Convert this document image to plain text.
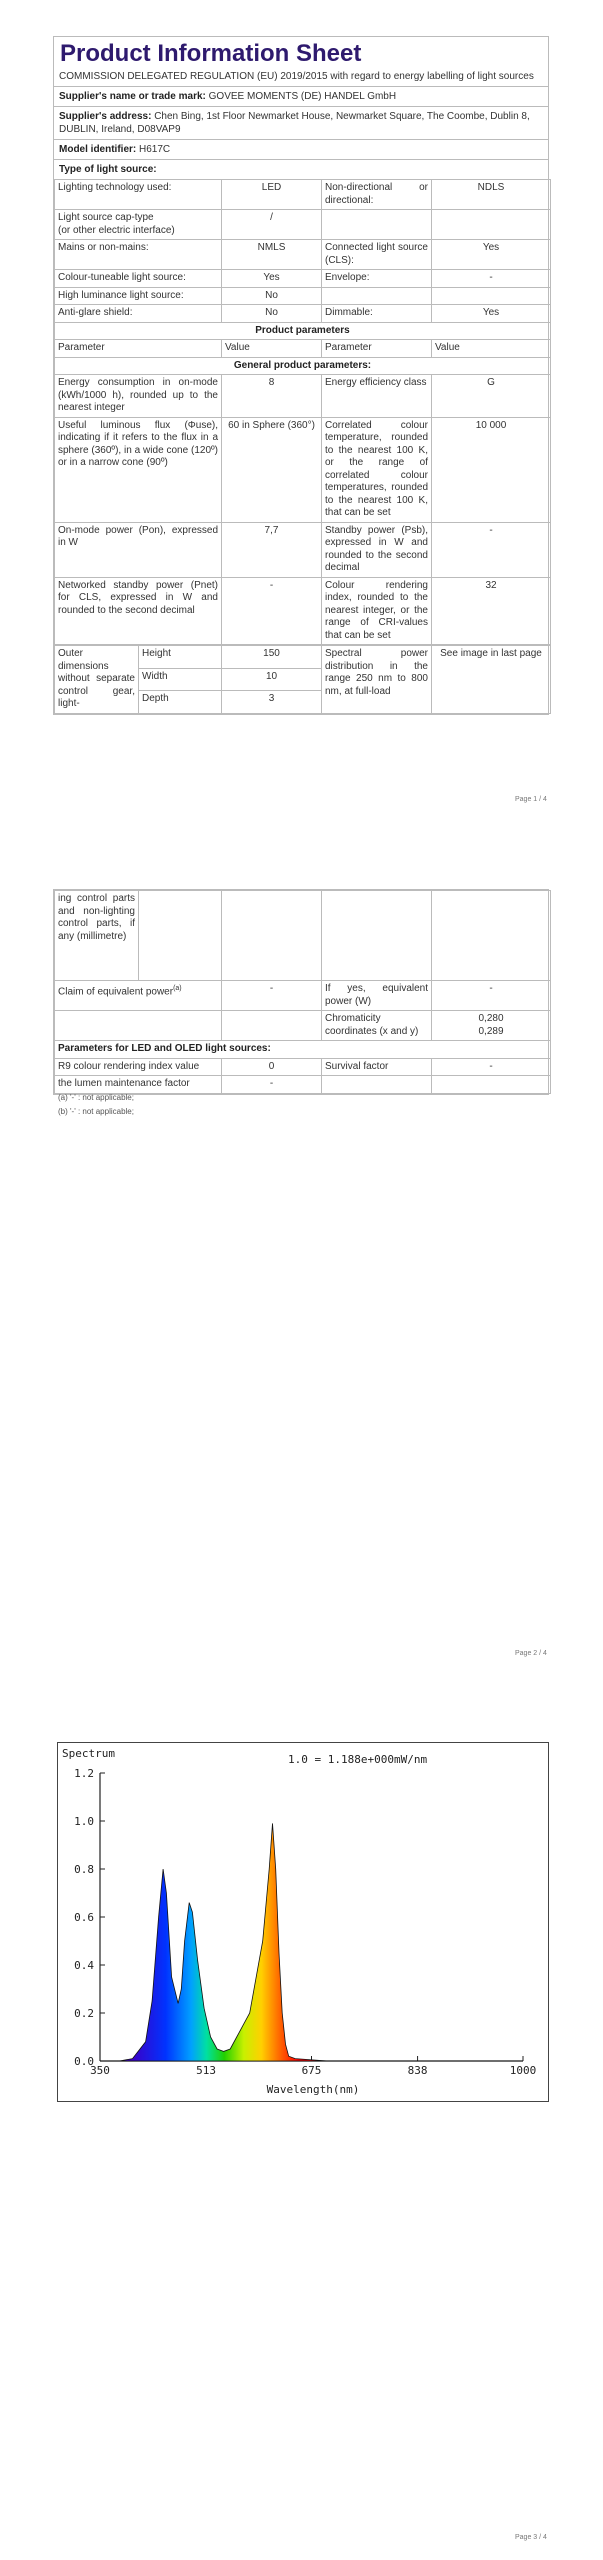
Product Information Sheet
COMMISSION DELEGATED REGULATION (EU) 2019/2015 with regard to energy labelling of light sources
Supplier's name or trade mark: GOVEE MOMENTS (DE) HANDEL GmbH
Supplier's address: Chen Bing, 1st Floor Newmarket House, Newmarket Square, The Coombe, Dublin 8, DUBLIN, Ireland, D08VAP9
Model identifier: H617C
Type of light source:
Lighting technology used:	LED	Non-directional or directional:	NDLS
Light source cap-type
(or other electric interface)	/		
Mains or non-mains:	NMLS	Connected light source (CLS):	Yes
Colour-tuneable light source:	Yes	Envelope:	-
High luminance light source:	No		
Anti-glare shield:	No	Dimmable:	Yes
Product parameters			
Parameter	Value	Parameter	Value
General product parameters:			
Energy consumption in on-mode (kWh/1000 h), rounded up to the nearest integer	8	Energy efficiency class	G
Useful luminous flux (Φuse), indicating if it refers to the flux in a sphere (360º), in a wide cone (120º) or in a narrow cone (90º)	60 in Sphere (360°)	Correlated colour temperature, rounded to the nearest 100 K, or the range of correlated colour temperatures, rounded to the nearest 100 K, that can be set	10 000
On-mode power (Pon), expressed in W	7,7	Standby power (Psb), expressed in W and rounded to the second decimal	-
Networked standby power (Pnet) for CLS, expressed in W and rounded to the second decimal	-	Colour rendering index, rounded to the nearest integer, or the range of CRI-values that can be set	32
Outer dimensions without separate control gear, light-	Height	150	Spectral power distribution in the range 250 nm to 800 nm, at full-load	See image in last page
	Width	10		
	Depth	3		
Page 1 / 4
ing control parts and non-lighting control parts, if any (millimetre)				
Claim of equivalent power$^{(a)}$		-	If yes, equivalent power (W)	-
			Chromaticity coordinates (x and y)	0,280
0,289
Parameters for LED and OLED light sources:				
R9 colour rendering index value		0	Survival factor	-
the lumen maintenance factor		-		
(a) '-' : not applicable;
(b) '-' : not applicable;
Page 2 / 4
Spectrum	1.0 = 1.188e+000mW/nm
Wavelength(nm)
0.0
0.2
0.4
0.6
0.8
1.0
1.2
350	513	675	838	1000
Page 3 / 4
